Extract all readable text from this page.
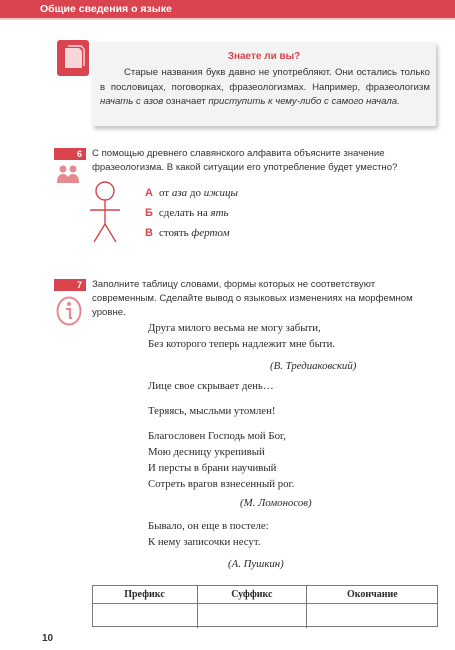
Общие сведения о языке
Знаете ли вы?

Старые названия букв давно не употребляют. Они остались только в пословицах, поговорках, фразеологизмах. Например, фразеологизм начать с азов означает приступить к чему-либо с самого начала.

6	С помощью древнего славянского алфавита объясните значение фразеологизма. В какой ситуации его употребление будет уместно?
А от аза до ижицы
Б сделать на ять
В стоять фертом
7	Заполните таблицу словами, формы которых не соответствуют современным. Сделайте вывод о языковых изменениях на морфемном уровне.
Друга милого весьма не могу забыти,
Без которого теперь надлежит мне быти.
(В. Тредиаковский)
Лице свое скрывает день…
Теряясь, мысльми утомлен!
Благословен Господь мой Бог,
Мою десницу укрепивый
И персты в брани научивый
Сотреть врагов взнесенный рог.
(М. Ломоносов)
Бывало, он еще в постеле:
К нему записочки несут.
(А. Пушкин)
Префикс	Суффикс	Окончание

10
